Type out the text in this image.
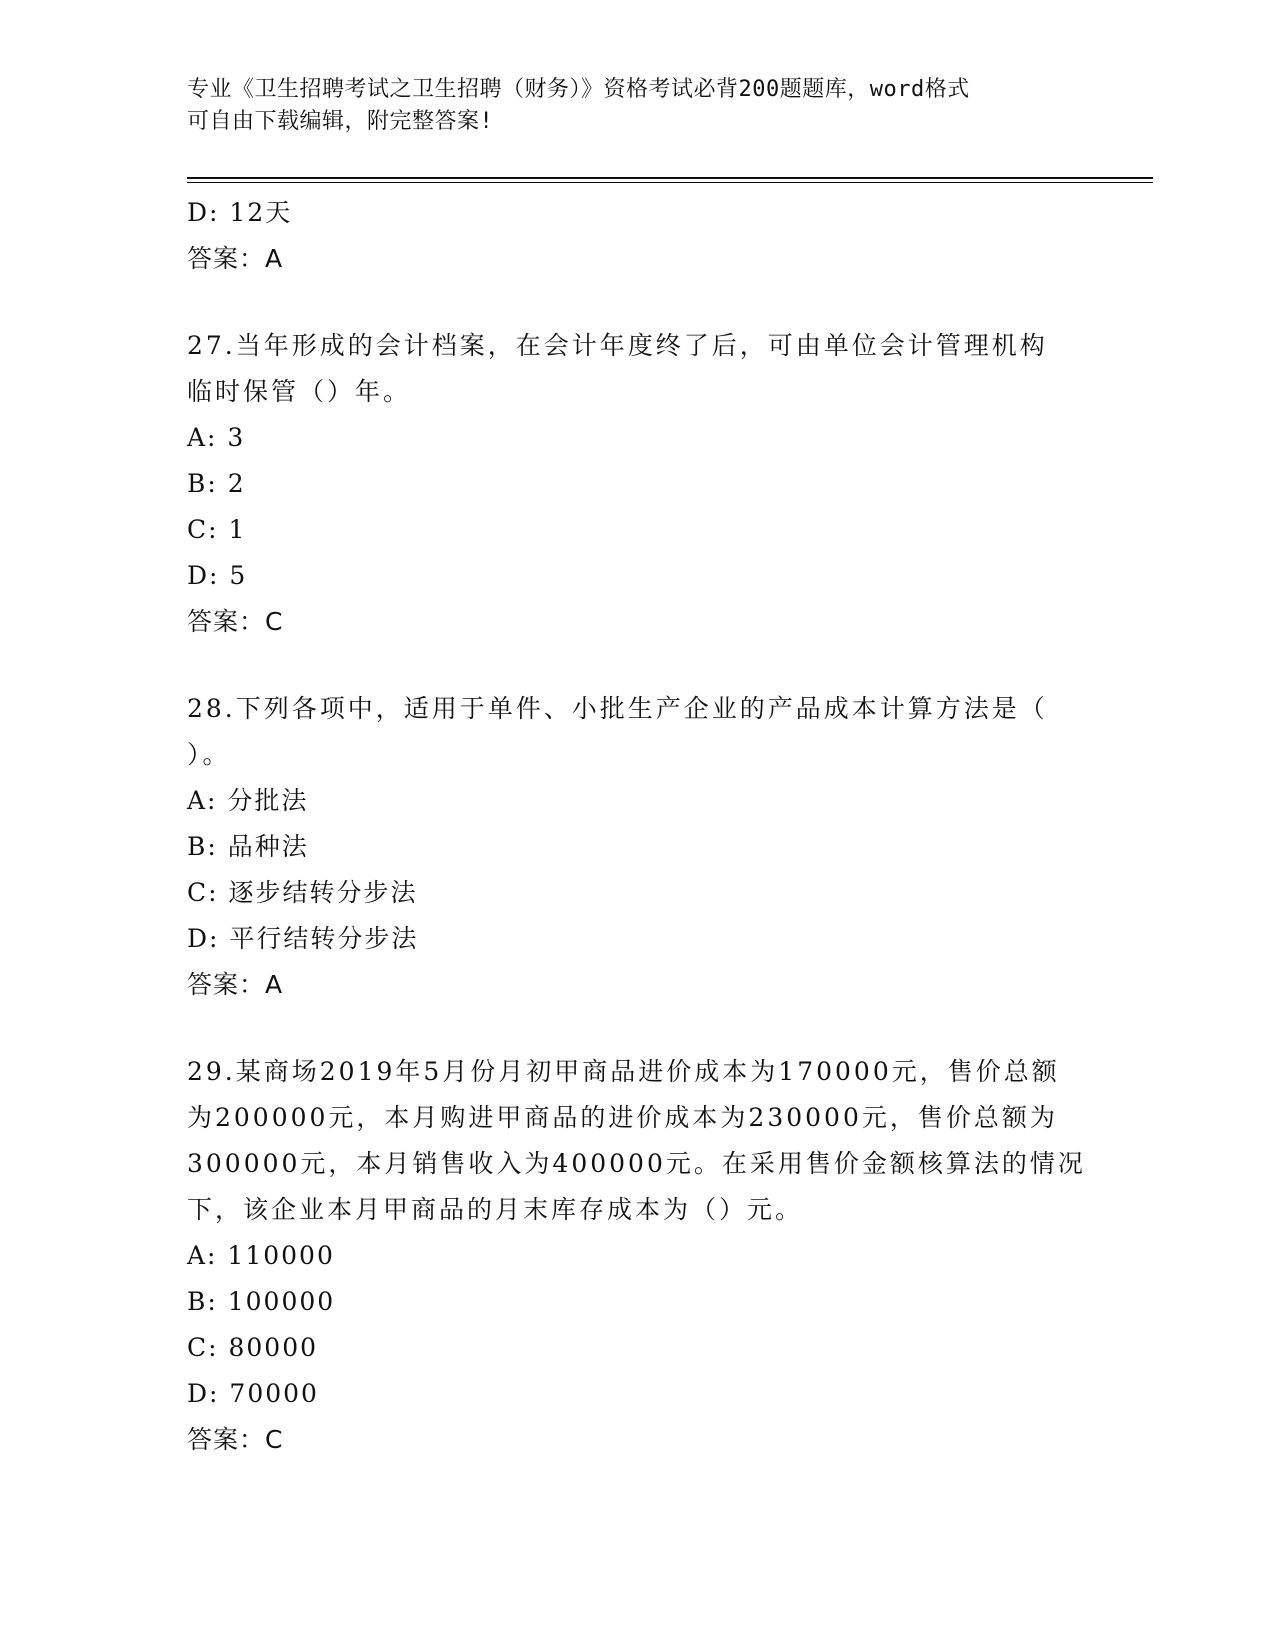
专业《卫生招聘考试之卫生招聘（财务）》资格考试必背200题题库，word格式
可自由下载编辑，附完整答案!
D: 12天
答案：A
27.当年形成的会计档案，在会计年度终了后，可由单位会计管理机构
临时保管（）年。
A: 3
B: 2
C: 1
D: 5
答案：C
28.下列各项中，适用于单件、小批生产企业的产品成本计算方法是（
）。
A: 分批法
B: 品种法
C: 逐步结转分步法
D: 平行结转分步法
答案：A
29.某商场2019年5月份月初甲商品进价成本为170000元，售价总额
为200000元，本月购进甲商品的进价成本为230000元，售价总额为
300000元，本月销售收入为400000元。在采用售价金额核算法的情况
下，该企业本月甲商品的月末库存成本为（）元。
A: 110000
B: 100000
C: 80000
D: 70000
答案：C
